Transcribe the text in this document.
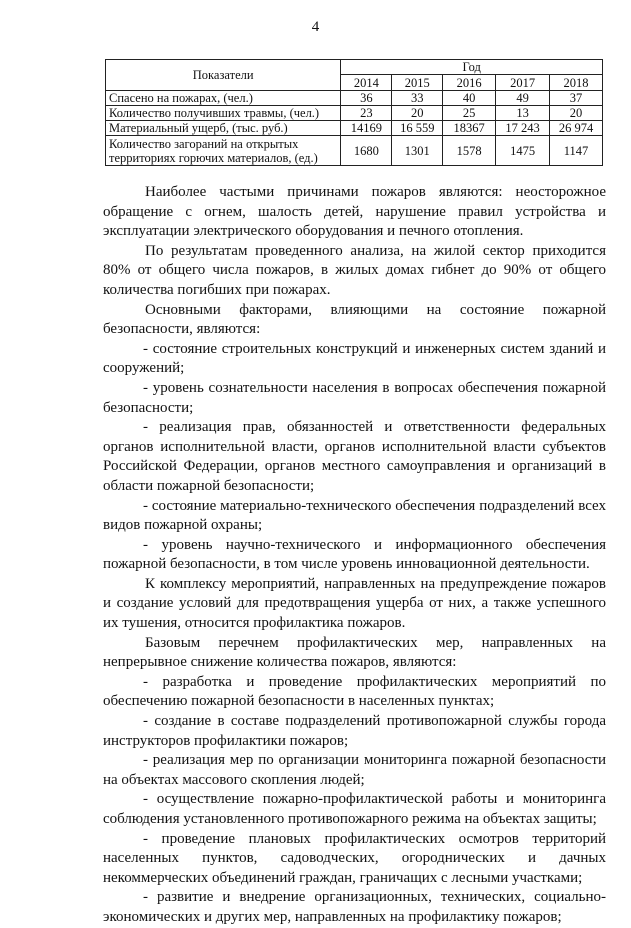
4
Показатели	Год				
	2014	2015	2016	2017	2018
Спасено на пожарах, (чел.)	36	33	40	49	37
Количество получивших травмы, (чел.)	23	20	25	13	20
Материальный ущерб, (тыс. руб.)	14169	16 559	18367	17 243	26 974
Количество загораний на открытых территориях горючих материалов, (ед.)	1680	1301	1578	1475	1147

Наиболее частыми причинами пожаров являются: неосторожное обращение с огнем, шалость детей, нарушение правил устройства и эксплуатации электрического оборудования и печного отопления.

По результатам проведенного анализа, на жилой сектор приходится 80% от общего числа пожаров, в жилых домах гибнет до 90% от общего количества погибших при пожарах.

Основными факторами, влияющими на состояние пожарной безопасности, являются:

- состояние строительных конструкций и инженерных систем зданий и сооружений;

- уровень сознательности населения в вопросах обеспечения пожарной безопасности;

- реализация прав, обязанностей и ответственности федеральных органов исполнительной власти, органов исполнительной власти субъектов Российской Федерации, органов местного самоуправления и организаций в области пожарной безопасности;

- состояние материально-технического обеспечения подразделений всех видов пожарной охраны;

- уровень научно-технического и информационного обеспечения пожарной безопасности, в том числе уровень инновационной деятельности.

К комплексу мероприятий, направленных на предупреждение пожаров и создание условий для предотвращения ущерба от них, а также успешного их тушения, относится профилактика пожаров.

Базовым перечнем профилактических мер, направленных на непрерывное снижение количества пожаров, являются:

- разработка и проведение профилактических мероприятий по обеспечению пожарной безопасности в населенных пунктах;

- создание в составе подразделений противопожарной службы города инструкторов профилактики пожаров;

- реализация мер по организации мониторинга пожарной безопасности на объектах массового скопления людей;

- осуществление пожарно-профилактической работы и мониторинга соблюдения установленного противопожарного режима на объектах защиты;

- проведение плановых профилактических осмотров территорий населенных пунктов, садоводческих, огороднических и дачных некоммерческих объединений граждан, граничащих с лесными участками;

- развитие и внедрение организационных, технических, социально-экономических и других мер, направленных на профилактику пожаров;
